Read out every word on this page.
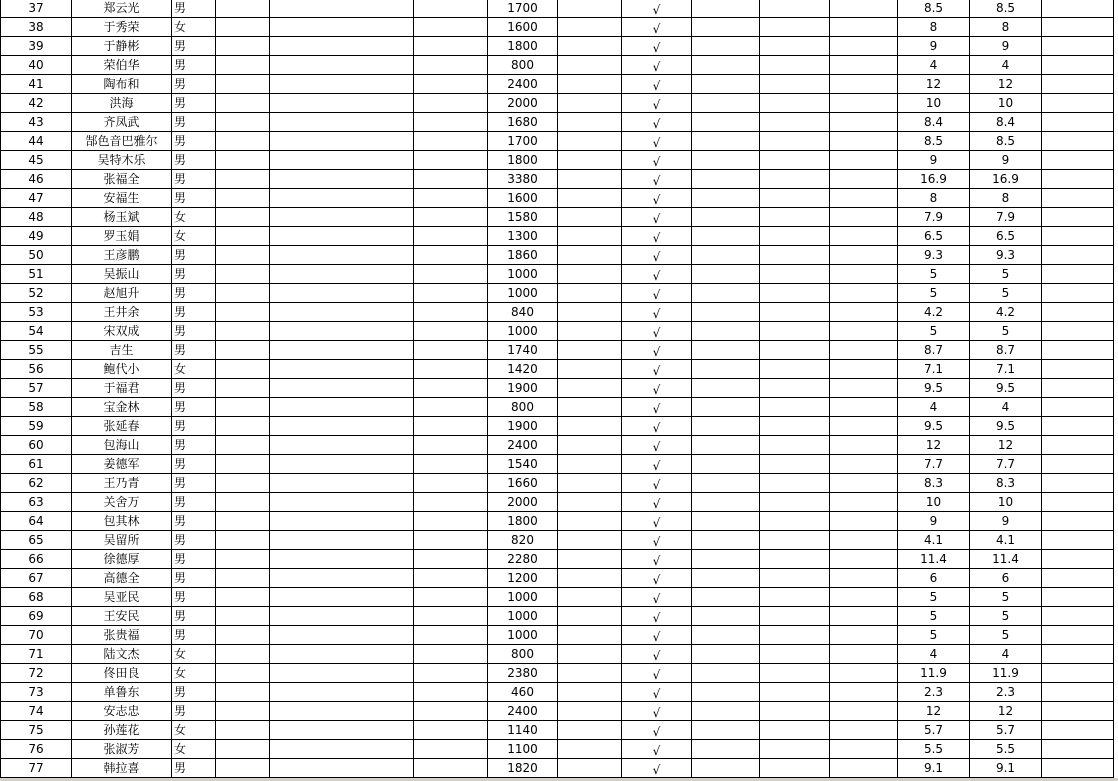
37	郑云光	男	1700	√	8.5	8.5
38	于秀荣	女	1600	√	8	8
39	于静彬	男	1800	√	9	9
40	荣伯华	男	800	√	4	4
41	陶布和	男	2400	√	12	12
42	洪海	男	2000	√	10	10
43	齐凤武	男	1680	√	8.4	8.4
44	郜色音巴雅尔	男	1700	√	8.5	8.5
45	吴特木乐	男	1800	√	9	9
46	张福全	男	3380	√	16.9	16.9
47	安福生	男	1600	√	8	8
48	杨玉斌	女	1580	√	7.9	7.9
49	罗玉娟	女	1300	√	6.5	6.5
50	王彦鹏	男	1860	√	9.3	9.3
51	吴振山	男	1000	√	5	5
52	赵旭升	男	1000	√	5	5
53	王井余	男	840	√	4.2	4.2
54	宋双成	男	1000	√	5	5
55	吉生	男	1740	√	8.7	8.7
56	鲍代小	女	1420	√	7.1	7.1
57	于福君	男	1900	√	9.5	9.5
58	宝金林	男	800	√	4	4
59	张延春	男	1900	√	9.5	9.5
60	包海山	男	2400	√	12	12
61	姜德军	男	1540	√	7.7	7.7
62	王乃青	男	1660	√	8.3	8.3
63	关舍万	男	2000	√	10	10
64	包其林	男	1800	√	9	9
65	吴留所	男	820	√	4.1	4.1
66	徐德厚	男	2280	√	11.4	11.4
67	高德全	男	1200	√	6	6
68	吴亚民	男	1000	√	5	5
69	王安民	男	1000	√	5	5
70	张贵福	男	1000	√	5	5
71	陆文杰	女	800	√	4	4
72	佟田良	女	2380	√	11.9	11.9
73	单鲁东	男	460	√	2.3	2.3
74	安志忠	男	2400	√	12	12
75	孙莲花	女	1140	√	5.7	5.7
76	张淑芳	女	1100	√	5.5	5.5
77	韩拉喜	男	1820	√	9.1	9.1
